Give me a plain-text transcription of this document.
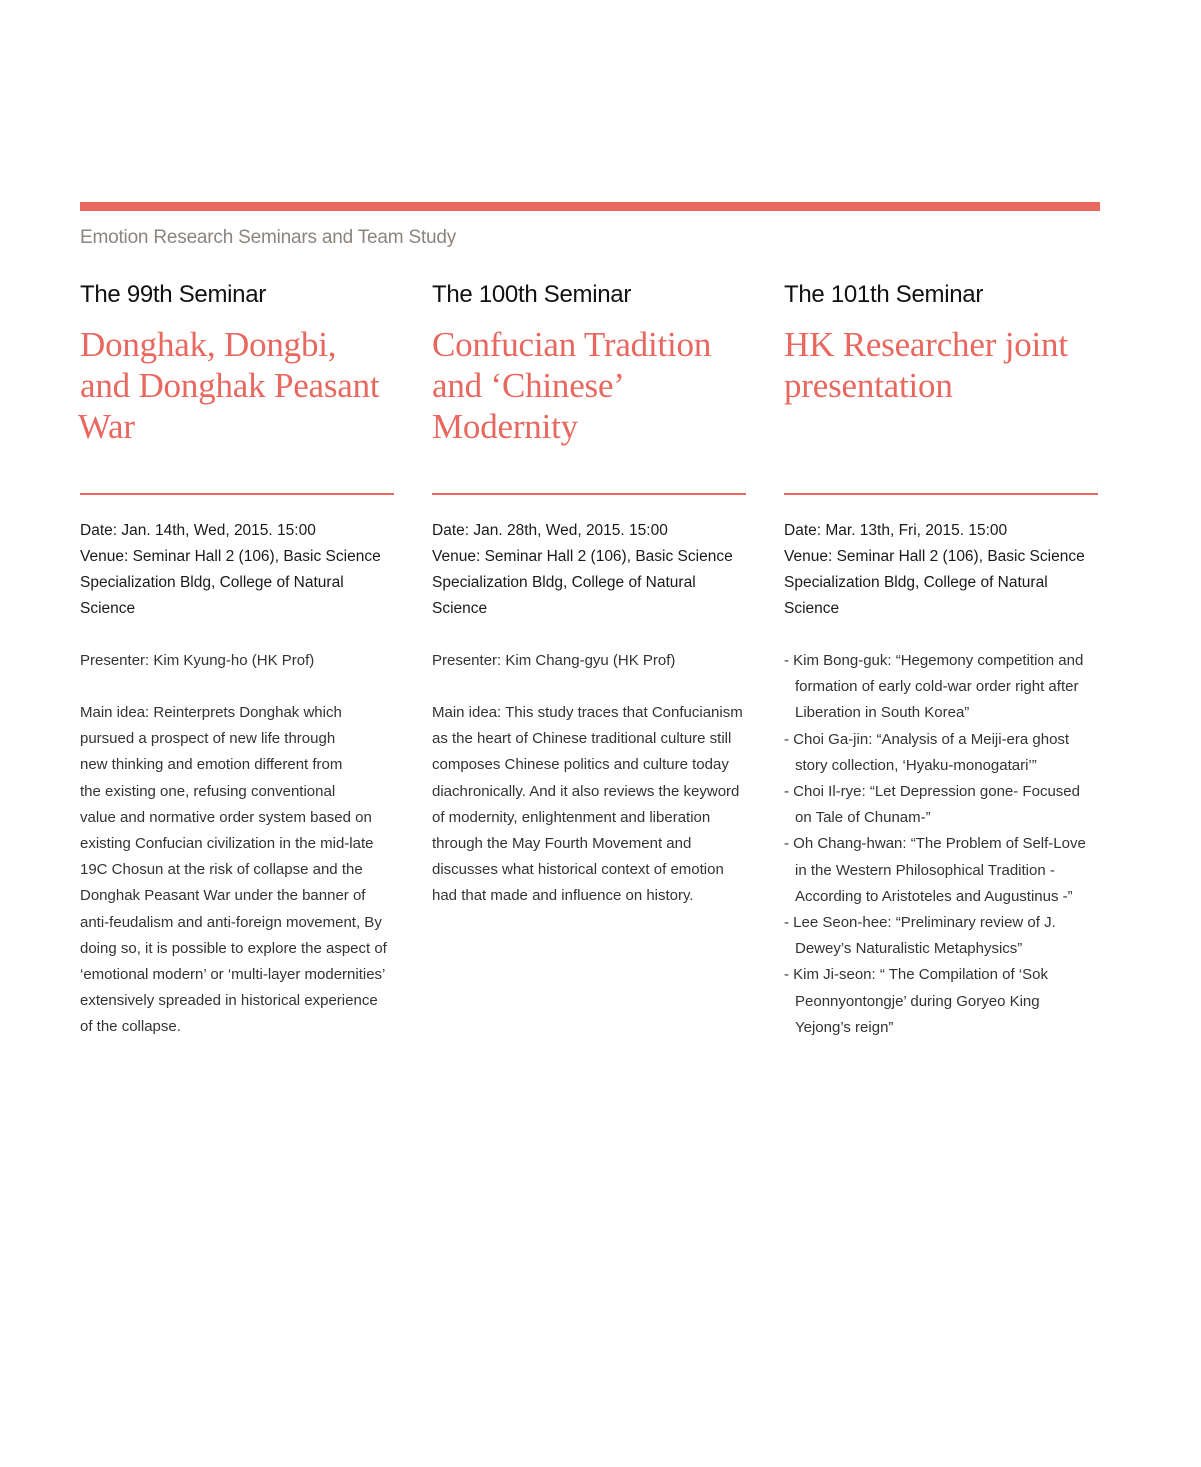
Emotion Research Seminars and Team Study
The 99th Seminar
Donghak, Dongbi,
and Donghak Peasant
War
Date: Jan. 14th, Wed, 2015. 15:00
Venue: Seminar Hall 2 (106), Basic Science
Specialization Bldg, College of Natural
Science
Presenter: Kim Kyung-ho (HK Prof)
Main idea: Reinterprets Donghak which
pursued a prospect of new life through
new thinking and emotion different from
the existing one, refusing conventional
value and normative order system based on
existing Confucian civilization in the mid-late
19C Chosun at the risk of collapse and the
Donghak Peasant War under the banner of
anti-feudalism and anti-foreign movement, By
doing so, it is possible to explore the aspect of
‘emotional modern’ or ‘multi-layer modernities’
extensively spreaded in historical experience
of the collapse.
The 100th Seminar
Confucian Tradition
and ‘Chinese’
Modernity
Date: Jan. 28th, Wed, 2015. 15:00
Venue: Seminar Hall 2 (106), Basic Science
Specialization Bldg, College of Natural
Science
Presenter: Kim Chang-gyu (HK Prof)
Main idea: This study traces that Confucianism
as the heart of Chinese traditional culture still
composes Chinese politics and culture today
diachronically. And it also reviews the keyword
of modernity, enlightenment and liberation
through the May Fourth Movement and
discusses what historical context of emotion
had that made and influence on history.
The 101th Seminar
HK Researcher joint
presentation
Date: Mar. 13th, Fri, 2015. 15:00
Venue: Seminar Hall 2 (106), Basic Science
Specialization Bldg, College of Natural
Science
- Kim Bong-guk: “Hegemony competition and
formation of early cold-war order right after
Liberation in South Korea”
- Choi Ga-jin: “Analysis of a Meiji-era ghost
story collection, ‘Hyaku-monogatari’”
- Choi Il-rye: “Let Depression gone- Focused
on Tale of Chunam-”
- Oh Chang-hwan: “The Problem of Self-Love
in the Western Philosophical Tradition -
According to Aristoteles and Augustinus -”
- Lee Seon-hee: “Preliminary review of J.
Dewey’s Naturalistic Metaphysics”
- Kim Ji-seon: “ The Compilation of ‘Sok
Peonnyontongje’ during Goryeo King
Yejong’s reign”
